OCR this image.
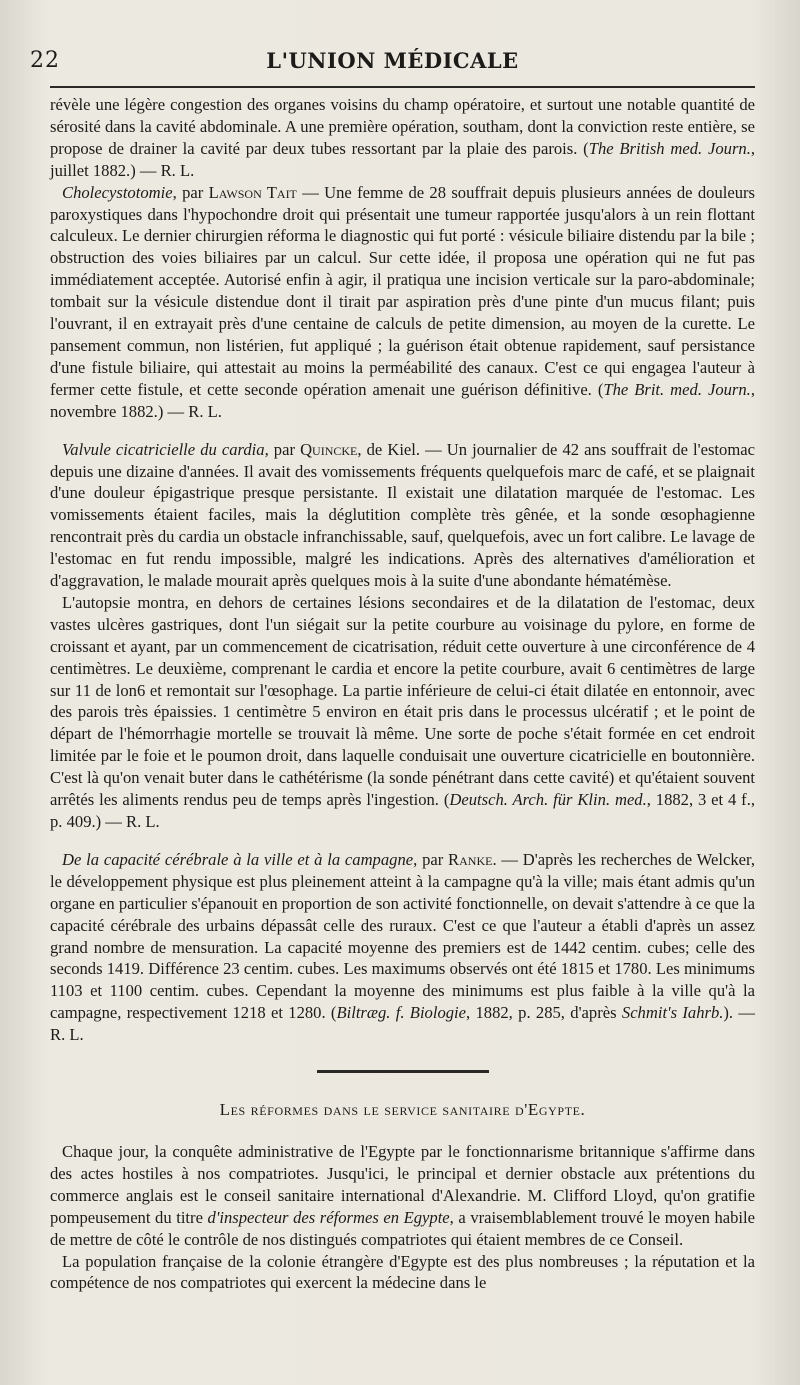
22	L'UNION MÉDICALE

révèle une légère congestion des organes voisins du champ opératoire, et surtout une notable quantité de sérosité dans la cavité abdominale. A une première opération, southam, dont la conviction reste entière, se propose de drainer la cavité par deux tubes ressortant par la plaie des parois. (The British med. Journ., juillet 1882.) — R. L.

Cholecystotomie, par Lawson Tait — Une femme de 28 souffrait depuis plusieurs années de douleurs paroxystiques dans l'hypochondre droit qui présentait une tumeur rapportée jusqu'alors à un rein flottant calculeux. Le dernier chirurgien réforma le diagnostic qui fut porté : vésicule biliaire distendu par la bile ; obstruction des voies biliaires par un calcul. Sur cette idée, il proposa une opération qui ne fut pas immédiatement acceptée. Autorisé enfin à agir, il pratiqua une incision verticale sur la paro-abdominale; tombait sur la vésicule distendue dont il tirait par aspiration près d'une pinte d'un mucus filant; puis l'ouvrant, il en extrayait près d'une centaine de calculs de petite dimension, au moyen de la curette. Le pansement commun, non listérien, fut appliqué ; la guérison était obtenue rapidement, sauf persistance d'une fistule biliaire, qui attestait au moins la perméabilité des canaux. C'est ce qui engagea l'auteur à fermer cette fistule, et cette seconde opération amenait une guérison définitive. (The Brit. med. Journ., novembre 1882.) — R. L.

Valvule cicatricielle du cardia, par Quincke, de Kiel. — Un journalier de 42 ans souffrait de l'estomac depuis une dizaine d'années. Il avait des vomissements fréquents quelquefois marc de café, et se plaignait d'une douleur épigastrique presque persistante. Il existait une dilatation marquée de l'estomac. Les vomissements étaient faciles, mais la déglutition complète très gênée, et la sonde œsophagienne rencontrait près du cardia un obstacle infranchissable, sauf, quelquefois, avec un fort calibre. Le lavage de l'estomac en fut rendu impossible, malgré les indications. Après des alternatives d'amélioration et d'aggravation, le malade mourait après quelques mois à la suite d'une abondante hématémèse.

L'autopsie montra, en dehors de certaines lésions secondaires et de la dilatation de l'estomac, deux vastes ulcères gastriques, dont l'un siégait sur la petite courbure au voisinage du pylore, en forme de croissant et ayant, par un commencement de cicatrisation, réduit cette ouverture à une circonférence de 4 centimètres. Le deuxième, comprenant le cardia et encore la petite courbure, avait 6 centimètres de large sur 11 de lon6 et remontait sur l'œsophage. La partie inférieure de celui-ci était dilatée en entonnoir, avec des parois très épaissies. 1 centimètre 5 environ en était pris dans le processus ulcératif ; et le point de départ de l'hémorrhagie mortelle se trouvait là même. Une sorte de poche s'était formée en cet endroit limitée par le foie et le poumon droit, dans laquelle conduisait une ouverture cicatricielle en boutonnière. C'est là qu'on venait buter dans le cathétérisme (la sonde pénétrant dans cette cavité) et qu'étaient souvent arrêtés les aliments rendus peu de temps après l'ingestion. (Deutsch. Arch. für Klin. med., 1882, 3 et 4 f., p. 409.) — R. L.

De la capacité cérébrale à la ville et à la campagne, par Ranke. — D'après les recherches de Welcker, le développement physique est plus pleinement atteint à la campagne qu'à la ville; mais étant admis qu'un organe en particulier s'épanouit en proportion de son activité fonctionnelle, on devait s'attendre à ce que la capacité cérébrale des urbains dépassât celle des ruraux. C'est ce que l'auteur a établi d'après un assez grand nombre de mensuration. La capacité moyenne des premiers est de 1442 centim. cubes; celle des seconds 1419. Différence 23 centim. cubes. Les maximums observés ont été 1815 et 1780. Les minimums 1103 et 1100 centim. cubes. Cependant la moyenne des minimums est plus faible à la ville qu'à la campagne, respectivement 1218 et 1280. (Biltræg. f. Biologie, 1882, p. 285, d'après Schmit's Iahrb.). — R. L.

Les réformes dans le service sanitaire d'Egypte.

Chaque jour, la conquête administrative de l'Egypte par le fonctionnarisme britannique s'affirme dans des actes hostiles à nos compatriotes. Jusqu'ici, le principal et dernier obstacle aux prétentions du commerce anglais est le conseil sanitaire international d'Alexandrie. M. Clifford Lloyd, qu'on gratifie pompeusement du titre d'inspecteur des réformes en Egypte, a vraisemblablement trouvé le moyen habile de mettre de côté le contrôle de nos distingués compatriotes qui étaient membres de ce Conseil.

La population française de la colonie étrangère d'Egypte est des plus nombreuses ; la réputation et la compétence de nos compatriotes qui exercent la médecine dans le
